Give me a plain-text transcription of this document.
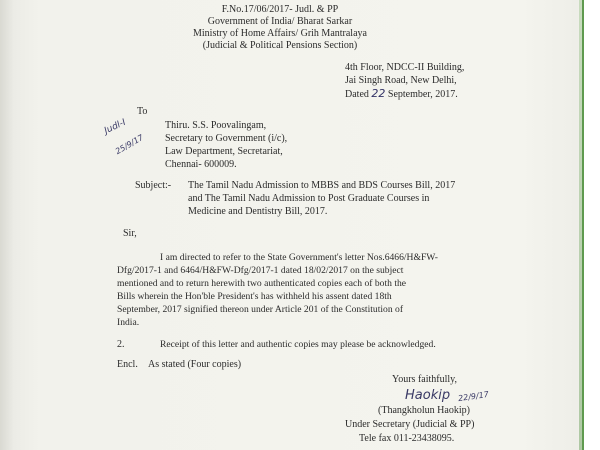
F.No.17/06/2017- Judl. & PP
Government of India/ Bharat Sarkar
Ministry of Home Affairs/ Grih Mantralaya
(Judicial & Political Pensions Section)
4th Floor, NDCC-II Building,
Jai Singh Road, New Delhi,
Dated 22 September, 2017.
To
Thiru. S.S. Poovalingam,
Secretary to Government (i/c),
Law Department, Secretariat,
Chennai- 600009.
Judl-I
25/9/17
Subject:- The Tamil Nadu Admission to MBBS and BDS Courses Bill, 2017
and The Tamil Nadu Admission to Post Graduate Courses in
Medicine and Dentistry Bill, 2017.
Sir,
I am directed to refer to the State Government's letter Nos.6466/H&FW-
Dfg/2017-1 and 6464/H&FW-Dfg/2017-1 dated 18/02/2017 on the subject
mentioned and to return herewith two authenticated copies each of both the
Bills wherein the Hon'ble President's has withheld his assent dated 18th
September, 2017 signified thereon under Article 201 of the Constitution of
India.
2.	Receipt of this letter and authentic copies may please be acknowledged.
Encl. As stated (Four copies)
Yours faithfully,
Haokip 22/9/17
(Thangkholun Haokip)
Under Secretary (Judicial & PP)
Tele fax 011-23438095.
